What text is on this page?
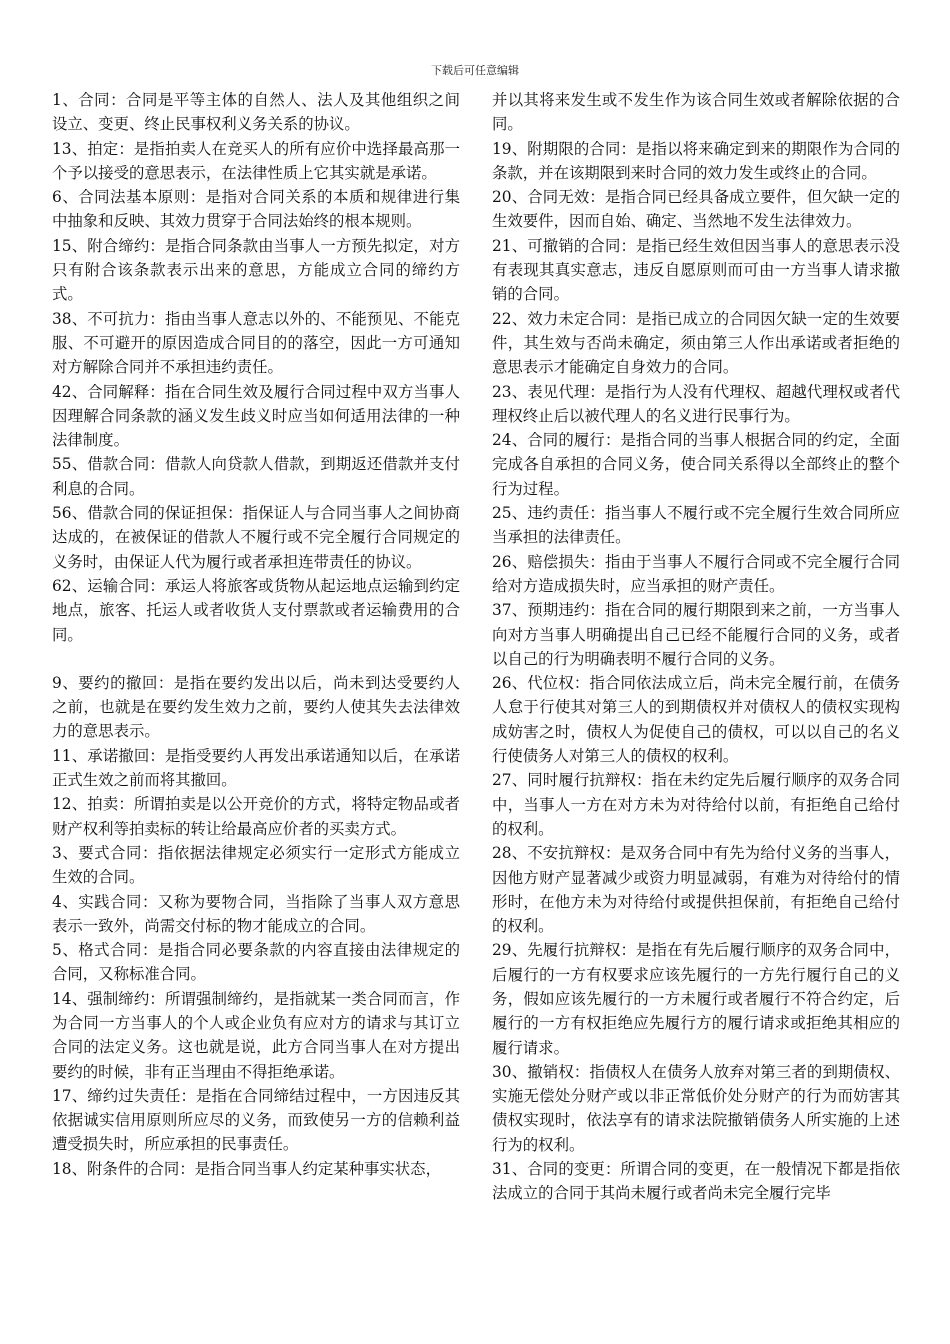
下载后可任意编辑

1、合同：合同是平等主体的自然人、法人及其他组织之间设立、变更、终止民事权利义务关系的协议。

13、拍定：是指拍卖人在竞买人的所有应价中选择最高那一个予以接受的意思表示，在法律性质上它其实就是承诺。

6、合同法基本原则：是指对合同关系的本质和规律进行集中抽象和反映、其效力贯穿于合同法始终的根本规则。

15、附合缔约：是指合同条款由当事人一方预先拟定，对方只有附合该条款表示出来的意思，方能成立合同的缔约方式。

38、不可抗力：指由当事人意志以外的、不能预见、不能克服、不可避开的原因造成合同目的的落空，因此一方可通知对方解除合同并不承担违约责任。

42、合同解释：指在合同生效及履行合同过程中双方当事人因理解合同条款的涵义发生歧义时应当如何适用法律的一种法律制度。

55、借款合同：借款人向贷款人借款，到期返还借款并支付利息的合同。

56、借款合同的保证担保：指保证人与合同当事人之间协商达成的，在被保证的借款人不履行或不完全履行合同规定的义务时，由保证人代为履行或者承担连带责任的协议。

62、运输合同：承运人将旅客或货物从起运地点运输到约定地点，旅客、托运人或者收货人支付票款或者运输费用的合同。

9、要约的撤回：是指在要约发出以后，尚未到达受要约人之前，也就是在要约发生效力之前，要约人使其失去法律效力的意思表示。

11、承诺撤回：是指受要约人再发出承诺通知以后，在承诺正式生效之前而将其撤回。

12、拍卖：所谓拍卖是以公开竞价的方式，将特定物品或者财产权利等拍卖标的转让给最高应价者的买卖方式。

3、要式合同：指依据法律规定必须实行一定形式方能成立生效的合同。

4、实践合同：又称为要物合同，当指除了当事人双方意思表示一致外，尚需交付标的物才能成立的合同。

5、格式合同：是指合同必要条款的内容直接由法律规定的合同，又称标准合同。

14、强制缔约：所谓强制缔约，是指就某一类合同而言，作为合同一方当事人的个人或企业负有应对方的请求与其订立合同的法定义务。这也就是说，此方合同当事人在对方提出要约的时候，非有正当理由不得拒绝承诺。

17、缔约过失责任：是指在合同缔结过程中，一方因违反其依据诚实信用原则所应尽的义务，而致使另一方的信赖利益遭受损失时，所应承担的民事责任。

18、附条件的合同：是指合同当事人约定某种事实状态，

并以其将来发生或不发生作为该合同生效或者解除依据的合同。

19、附期限的合同：是指以将来确定到来的期限作为合同的条款，并在该期限到来时合同的效力发生或终止的合同。

20、合同无效：是指合同已经具备成立要件，但欠缺一定的生效要件，因而自始、确定、当然地不发生法律效力。

21、可撤销的合同：是指已经生效但因当事人的意思表示没有表现其真实意志，违反自愿原则而可由一方当事人请求撤销的合同。

22、效力未定合同：是指已成立的合同因欠缺一定的生效要件，其生效与否尚未确定，须由第三人作出承诺或者拒绝的意思表示才能确定自身效力的合同。

23、表见代理：是指行为人没有代理权、超越代理权或者代理权终止后以被代理人的名义进行民事行为。

24、合同的履行：是指合同的当事人根据合同的约定，全面完成各自承担的合同义务，使合同关系得以全部终止的整个行为过程。

25、违约责任：指当事人不履行或不完全履行生效合同所应当承担的法律责任。

26、赔偿损失：指由于当事人不履行合同或不完全履行合同给对方造成损失时，应当承担的财产责任。

37、预期违约：指在合同的履行期限到来之前，一方当事人向对方当事人明确提出自己已经不能履行合同的义务，或者以自己的行为明确表明不履行合同的义务。

26、代位权：指合同依法成立后，尚未完全履行前，在债务人怠于行使其对第三人的到期债权并对债权人的债权实现构成妨害之时，债权人为促使自己的债权，可以以自己的名义行使债务人对第三人的债权的权利。

27、同时履行抗辩权：指在未约定先后履行顺序的双务合同中，当事人一方在对方未为对待给付以前，有拒绝自己给付的权利。

28、不安抗辩权：是双务合同中有先为给付义务的当事人，因他方财产显著减少或资力明显减弱，有难为对待给付的情形时，在他方未为对待给付或提供担保前，有拒绝自己给付的权利。

29、先履行抗辩权：是指在有先后履行顺序的双务合同中，后履行的一方有权要求应该先履行的一方先行履行自己的义务，假如应该先履行的一方未履行或者履行不符合约定，后履行的一方有权拒绝应先履行方的履行请求或拒绝其相应的履行请求。

30、撤销权：指债权人在债务人放弃对第三者的到期债权、实施无偿处分财产或以非正常低价处分财产的行为而妨害其债权实现时，依法享有的请求法院撤销债务人所实施的上述行为的权利。

31、合同的变更：所谓合同的变更，在一般情况下都是指依法成立的合同于其尚未履行或者尚未完全履行完毕
